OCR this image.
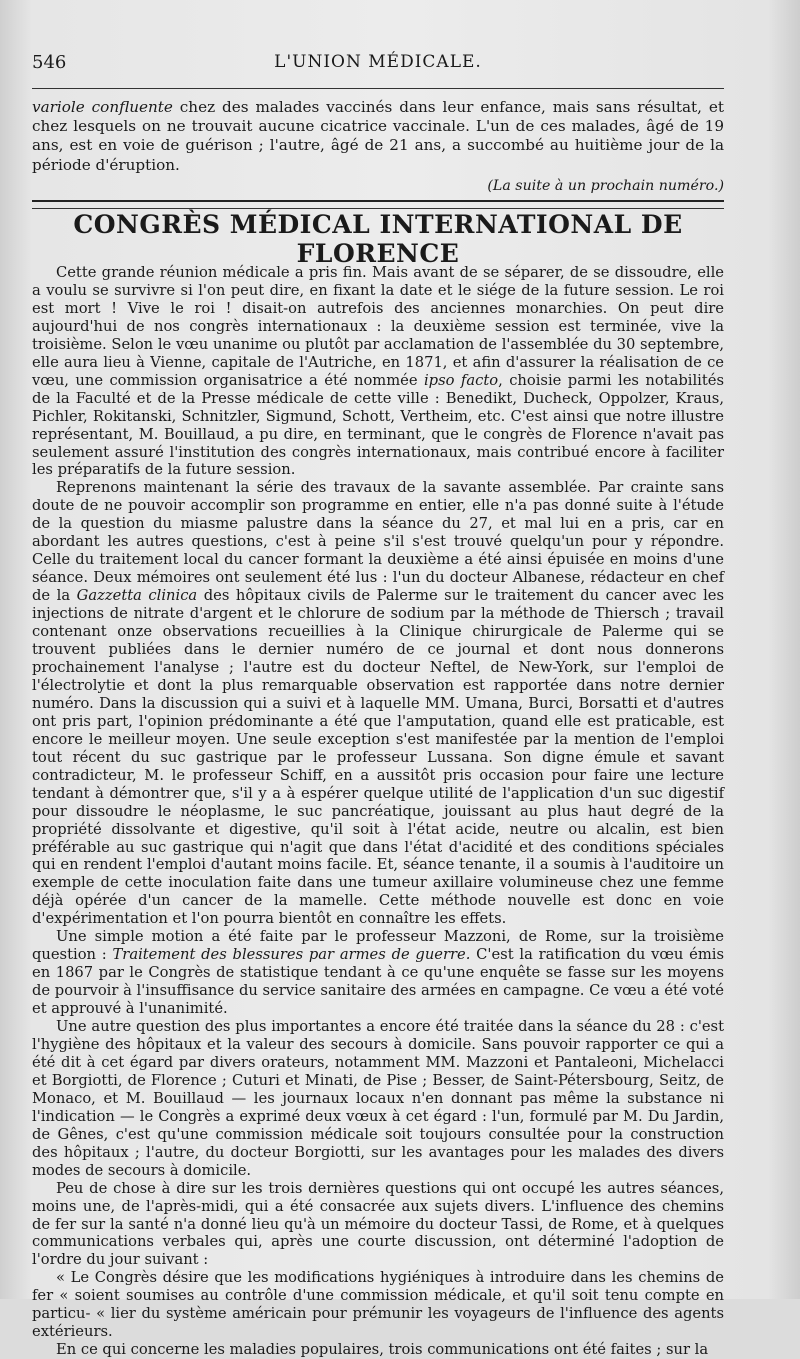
546	L'UNION MÉDICALE.

variole confluente chez des malades vaccinés dans leur enfance, mais sans résultat, et chez lesquels on ne trouvait aucune cicatrice vaccinale. L'un de ces malades, âgé de 19 ans, est en voie de guérison ; l'autre, âgé de 21 ans, a succombé au huitième jour de la période d'éruption.

(La suite à un prochain numéro.)
CONGRÈS MÉDICAL INTERNATIONAL DE FLORENCE

Cette grande réunion médicale a pris fin. Mais avant de se séparer, de se dissoudre, elle a voulu se survivre si l'on peut dire, en fixant la date et le siége de la future session. Le roi est mort ! Vive le roi ! disait-on autrefois des anciennes monarchies. On peut dire aujourd'hui de nos congrès internationaux : la deuxième session est terminée, vive la troisième. Selon le vœu unanime ou plutôt par acclamation de l'assemblée du 30 septembre, elle aura lieu à Vienne, capitale de l'Autriche, en 1871, et afin d'assurer la réalisation de ce vœu, une commission organisatrice a été nommée ipso facto, choisie parmi les notabilités de la Faculté et de la Presse médicale de cette ville : Benedikt, Ducheck, Oppolzer, Kraus, Pichler, Rokitanski, Schnitzler, Sigmund, Schott, Vertheim, etc. C'est ainsi que notre illustre représentant, M. Bouillaud, a pu dire, en terminant, que le congrès de Florence n'avait pas seulement assuré l'institution des congrès internationaux, mais contribué encore à faciliter les préparatifs de la future session.

Reprenons maintenant la série des travaux de la savante assemblée. Par crainte sans doute de ne pouvoir accomplir son programme en entier, elle n'a pas donné suite à l'étude de la question du miasme palustre dans la séance du 27, et mal lui en a pris, car en abordant les autres questions, c'est à peine s'il s'est trouvé quelqu'un pour y répondre. Celle du traitement local du cancer formant la deuxième a été ainsi épuisée en moins d'une séance. Deux mémoires ont seulement été lus : l'un du docteur Albanese, rédacteur en chef de la Gazzetta clinica des hôpitaux civils de Palerme sur le traitement du cancer avec les injections de nitrate d'argent et le chlorure de sodium par la méthode de Thiersch ; travail contenant onze observations recueillies à la Clinique chirurgicale de Palerme qui se trouvent publiées dans le dernier numéro de ce journal et dont nous donnerons prochainement l'analyse ; l'autre est du docteur Neftel, de New-York, sur l'emploi de l'électrolytie et dont la plus remarquable observation est rapportée dans notre dernier numéro. Dans la discussion qui a suivi et à laquelle MM. Umana, Burci, Borsatti et d'autres ont pris part, l'opinion prédominante a été que l'amputation, quand elle est praticable, est encore le meilleur moyen. Une seule exception s'est manifestée par la mention de l'emploi tout récent du suc gastrique par le professeur Lussana. Son digne émule et savant contradicteur, M. le professeur Schiff, en a aussitôt pris occasion pour faire une lecture tendant à démontrer que, s'il y a à espérer quelque utilité de l'application d'un suc digestif pour dissoudre le néoplasme, le suc pancréatique, jouissant au plus haut degré de la propriété dissolvante et digestive, qu'il soit à l'état acide, neutre ou alcalin, est bien préférable au suc gastrique qui n'agit que dans l'état d'acidité et des conditions spéciales qui en rendent l'emploi d'autant moins facile. Et, séance tenante, il a soumis à l'auditoire un exemple de cette inoculation faite dans une tumeur axillaire volumineuse chez une femme déjà opérée d'un cancer de la mamelle. Cette méthode nouvelle est donc en voie d'expérimentation et l'on pourra bientôt en connaître les effets.

Une simple motion a été faite par le professeur Mazzoni, de Rome, sur la troisième question : Traitement des blessures par armes de guerre. C'est la ratification du vœu émis en 1867 par le Congrès de statistique tendant à ce qu'une enquête se fasse sur les moyens de pourvoir à l'insuffisance du service sanitaire des armées en campagne. Ce vœu a été voté et approuvé à l'unanimité.

Une autre question des plus importantes a encore été traitée dans la séance du 28 : c'est l'hygiène des hôpitaux et la valeur des secours à domicile. Sans pouvoir rapporter ce qui a été dit à cet égard par divers orateurs, notamment MM. Mazzoni et Pantaleoni, Michelacci et Borgiotti, de Florence ; Cuturi et Minati, de Pise ; Besser, de Saint-Pétersbourg, Seitz, de Monaco, et M. Bouillaud — les journaux locaux n'en donnant pas même la substance ni l'indication — le Congrès a exprimé deux vœux à cet égard : l'un, formulé par M. Du Jardin, de Gênes, c'est qu'une commission médicale soit toujours consultée pour la construction des hôpitaux ; l'autre, du docteur Borgiotti, sur les avantages pour les malades des divers modes de secours à domicile.

Peu de chose à dire sur les trois dernières questions qui ont occupé les autres séances, moins une, de l'après-midi, qui a été consacrée aux sujets divers. L'influence des chemins de fer sur la santé n'a donné lieu qu'à un mémoire du docteur Tassi, de Rome, et à quelques communications verbales qui, après une courte discussion, ont déterminé l'adoption de l'ordre du jour suivant :

« Le Congrès désire que les modifications hygiéniques à introduire dans les chemins de fer « soient soumises au contrôle d'une commission médicale, et qu'il soit tenu compte en particu- « lier du système américain pour prémunir les voyageurs de l'influence des agents extérieurs.

En ce qui concerne les maladies populaires, trois communications ont été faites ; sur la
